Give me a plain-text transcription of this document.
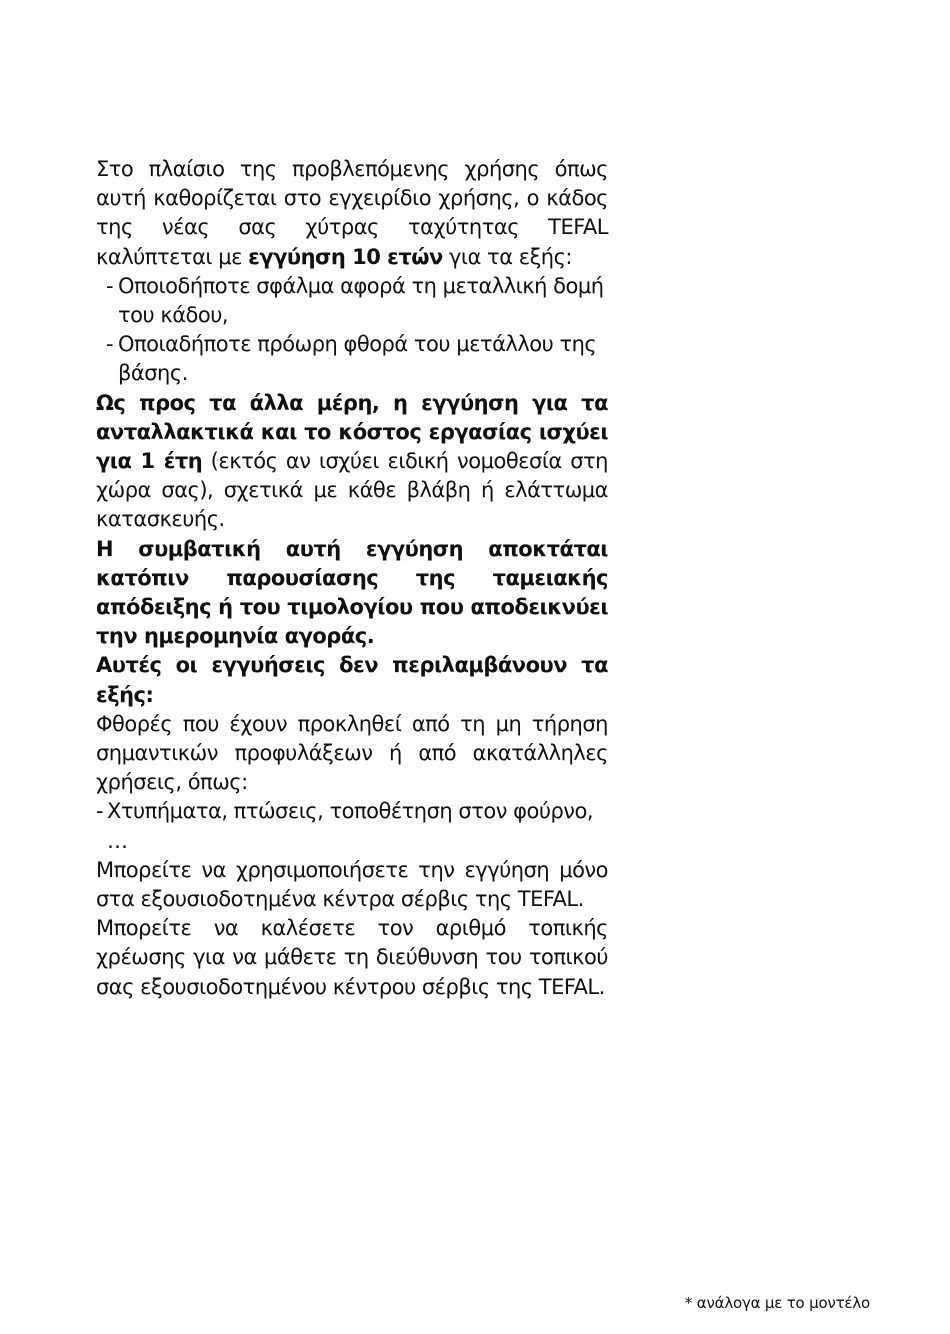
Στο πλαίσιο της προβλεπόμενης χρήσης όπως αυτή καθορίζεται στο εγχειρίδιο χρήσης, ο κάδος της νέας σας χύτρας ταχύτητας TEFAL καλύπτεται με εγγύηση 10 ετών για τα εξής:

- Οποιοδήποτε σφάλμα αφορά τη μεταλλική δομή του κάδου,
- Οποιαδήποτε πρόωρη φθορά του μετάλλου της βάσης.

Ως προς τα άλλα μέρη, η εγγύηση για τα ανταλλακτικά και το κόστος εργασίας ισχύει για 1 έτη (εκτός αν ισχύει ειδική νομοθεσία στη χώρα σας), σχετικά με κάθε βλάβη ή ελάττωμα κατασκευής.

Η συμβατική αυτή εγγύηση αποκτάται κατόπιν παρουσίασης της ταμειακής απόδειξης ή του τιμολογίου που αποδεικνύει την ημερομηνία αγοράς.

Αυτές οι εγγυήσεις δεν περιλαμβάνουν τα εξής:

Φθορές που έχουν προκληθεί από τη μη τήρηση σημαντικών προφυλάξεων ή από ακατάλληλες χρήσεις, όπως:

- Χτυπήματα, πτώσεις, τοποθέτηση στον φούρνο, …

Μπορείτε να χρησιμοποιήσετε την εγγύηση μόνο στα εξουσιοδοτημένα κέντρα σέρβις της TEFAL.

Μπορείτε να καλέσετε τον αριθμό τοπικής χρέωσης για να μάθετε τη διεύθυνση του τοπικού σας εξουσιοδοτημένου κέντρου σέρβις της TEFAL.

* ανάλογα με το μοντέλο
